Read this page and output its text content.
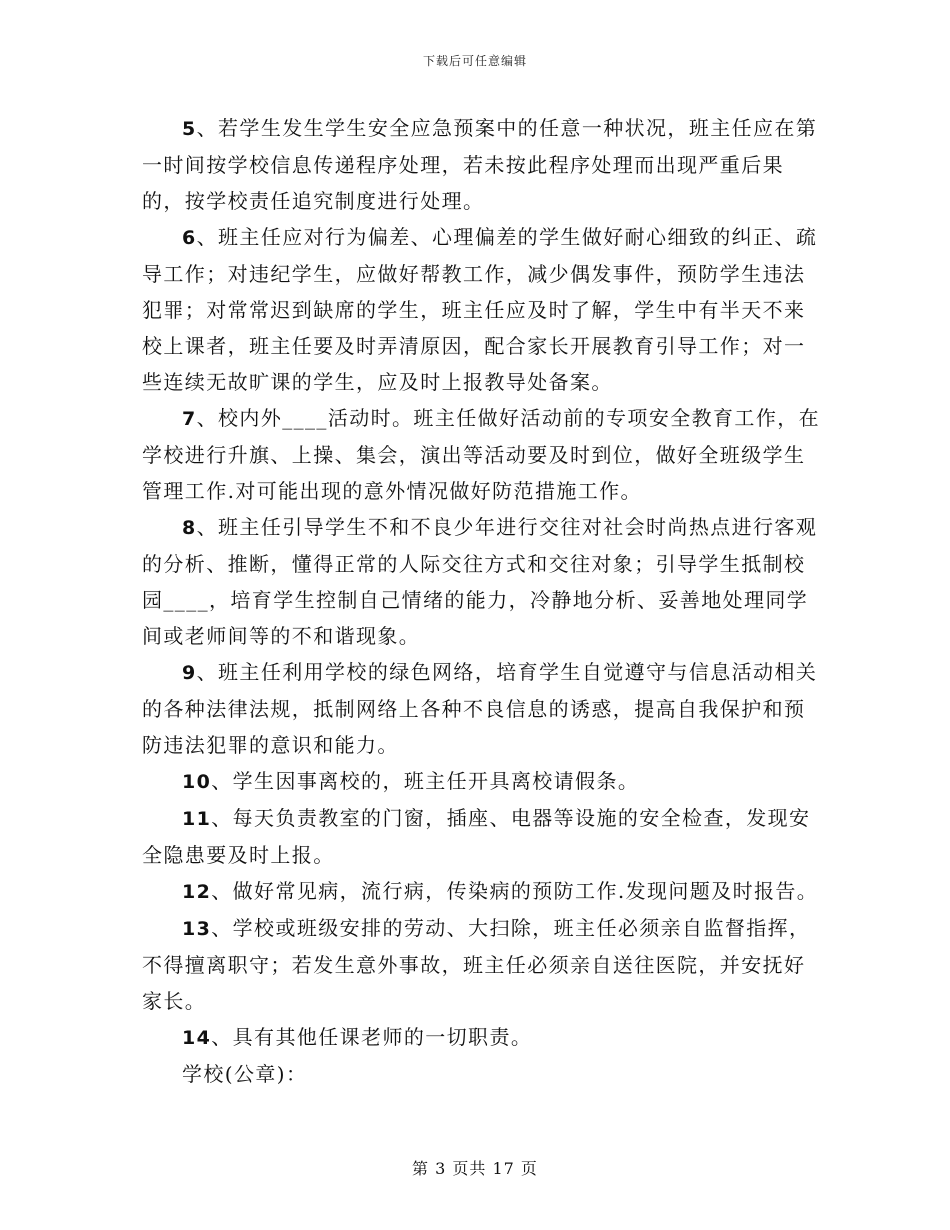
下载后可任意编辑

5、若学生发生学生安全应急预案中的任意一种状况，班主任应在第一时间按学校信息传递程序处理，若未按此程序处理而出现严重后果的，按学校责任追究制度进行处理。

6、班主任应对行为偏差、心理偏差的学生做好耐心细致的纠正、疏导工作；对违纪学生，应做好帮教工作，减少偶发事件，预防学生违法犯罪；对常常迟到缺席的学生，班主任应及时了解，学生中有半天不来校上课者，班主任要及时弄清原因，配合家长开展教育引导工作；对一些连续无故旷课的学生，应及时上报教导处备案。

7、校内外____活动时。班主任做好活动前的专项安全教育工作，在学校进行升旗、上操、集会，演出等活动要及时到位，做好全班级学生管理工作.对可能出现的意外情况做好防范措施工作。

8、班主任引导学生不和不良少年进行交往对社会时尚热点进行客观的分析、推断，懂得正常的人际交往方式和交往对象；引导学生抵制校园____，培育学生控制自己情绪的能力，冷静地分析、妥善地处理同学间或老师间等的不和谐现象。

9、班主任利用学校的绿色网络，培育学生自觉遵守与信息活动相关的各种法律法规，抵制网络上各种不良信息的诱惑，提高自我保护和预防违法犯罪的意识和能力。

10、学生因事离校的，班主任开具离校请假条。

11、每天负责教室的门窗，插座、电器等设施的安全检查，发现安全隐患要及时上报。

12、做好常见病，流行病，传染病的预防工作.发现问题及时报告。

13、学校或班级安排的劳动、大扫除，班主任必须亲自监督指挥，不得擅离职守；若发生意外事故，班主任必须亲自送往医院，并安抚好家长。

14、具有其他任课老师的一切职责。

学校(公章)：

第 3 页共 17 页
